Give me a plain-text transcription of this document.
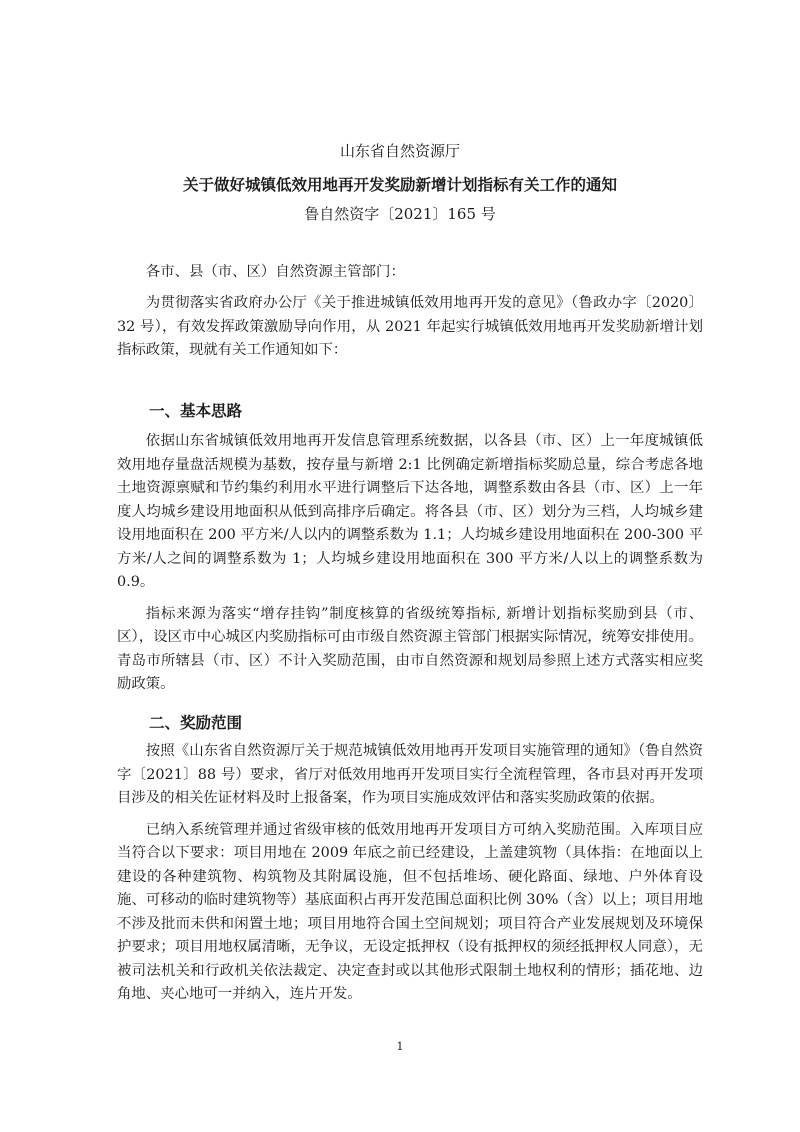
山东省自然资源厅
关于做好城镇低效用地再开发奖励新增计划指标有关工作的通知
鲁自然资字〔2021〕165 号

各市、县（市、区）自然资源主管部门：

为贯彻落实省政府办公厅《关于推进城镇低效用地再开发的意见》（鲁政办字〔2020〕32 号），有效发挥政策激励导向作用，从 2021 年起实行城镇低效用地再开发奖励新增计划指标政策，现就有关工作通知如下：

一、基本思路

依据山东省城镇低效用地再开发信息管理系统数据，以各县（市、区）上一年度城镇低效用地存量盘活规模为基数，按存量与新增 2:1 比例确定新增指标奖励总量，综合考虑各地土地资源禀赋和节约集约利用水平进行调整后下达各地，调整系数由各县（市、区）上一年度人均城乡建设用地面积从低到高排序后确定。将各县（市、区）划分为三档，人均城乡建设用地面积在 200 平方米/人以内的调整系数为 1.1；人均城乡建设用地面积在 200-300 平方米/人之间的调整系数为 1；人均城乡建设用地面积在 300 平方米/人以上的调整系数为 0.9。

指标来源为落实“增存挂钩”制度核算的省级统筹指标, 新增计划指标奖励到县（市、区），设区市中心城区内奖励指标可由市级自然资源主管部门根据实际情况，统筹安排使用。青岛市所辖县（市、区）不计入奖励范围，由市自然资源和规划局参照上述方式落实相应奖励政策。

二、奖励范围

按照《山东省自然资源厅关于规范城镇低效用地再开发项目实施管理的通知》（鲁自然资字〔2021〕88 号）要求，省厅对低效用地再开发项目实行全流程管理，各市县对再开发项目涉及的相关佐证材料及时上报备案，作为项目实施成效评估和落实奖励政策的依据。

已纳入系统管理并通过省级审核的低效用地再开发项目方可纳入奖励范围。入库项目应当符合以下要求：项目用地在 2009 年底之前已经建设，上盖建筑物（具体指：在地面以上建设的各种建筑物、构筑物及其附属设施，但不包括堆场、硬化路面、绿地、户外体育设施、可移动的临时建筑物等）基底面积占再开发范围总面积比例 30%（含）以上；项目用地不涉及批而未供和闲置土地；项目用地符合国土空间规划；项目符合产业发展规划及环境保护要求；项目用地权属清晰，无争议，无设定抵押权（设有抵押权的须经抵押权人同意），无被司法机关和行政机关依法裁定、决定查封或以其他形式限制土地权利的情形；插花地、边角地、夹心地可一并纳入，连片开发。

1
